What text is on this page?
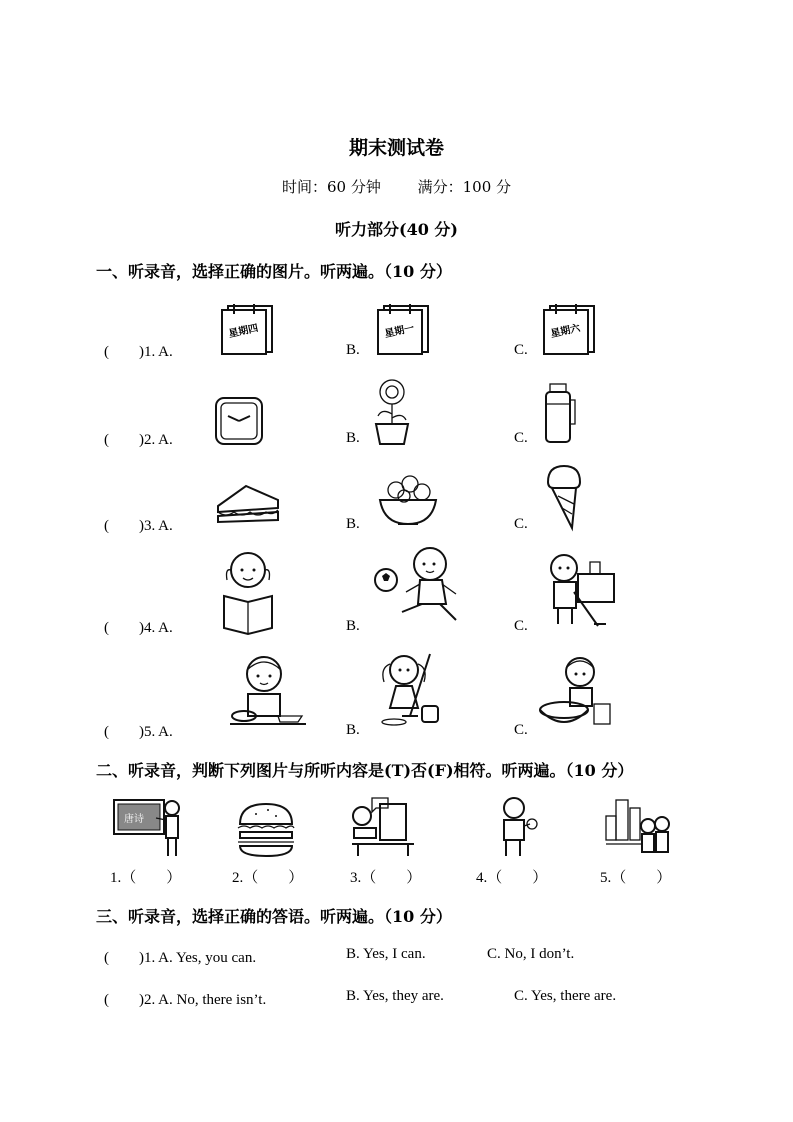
期末测试卷
时间：60 分钟 满分：100 分
听力部分(40 分)
一、听录音，选择正确的图片。听两遍。（10 分）
(　　)1. A.	B.	C.
星期四	星期一	星期六
(　　)2. A.	B.	C.
(　　)3. A.	B.	C.
(　　)4. A.	B.	C.
(　　)5. A.	B.	C.
二、听录音，判断下列图片与所听内容是(T)否(F)相符。听两遍。（10 分）
唐诗
1.（　　）	2.（　　）	3.（　　）	4.（　　）	5.（　　）
三、听录音，选择正确的答语。听两遍。（10 分）
(　　)1. A. Yes, you can.	B. Yes, I can.	C. No, I don’t.
(　　)2. A. No, there isn’t.	B. Yes, they are.	C. Yes, there are.
